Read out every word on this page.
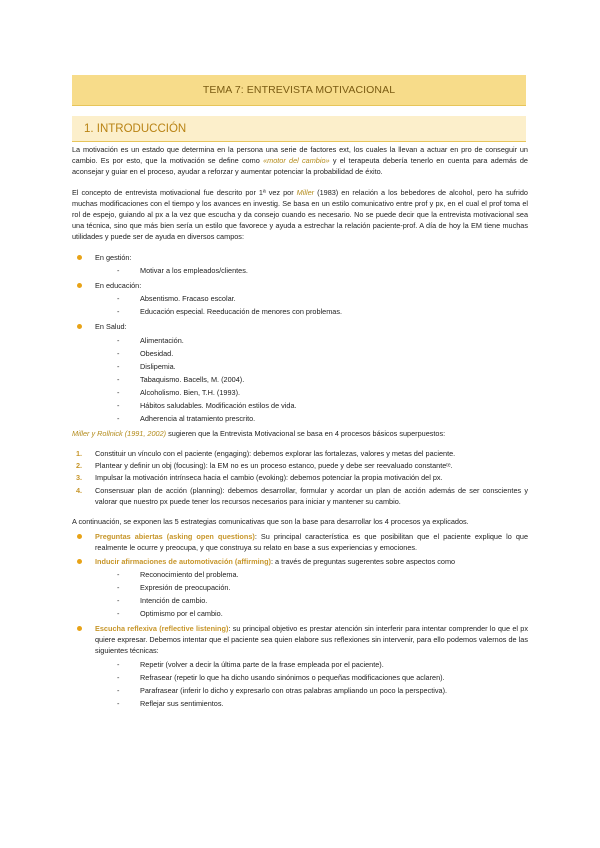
TEMA 7: ENTREVISTA MOTIVACIONAL
1. INTRODUCCIÓN

La motivación es un estado que determina en la persona una serie de factores ext, los cuales la llevan a actuar en pro de conseguir un cambio. Es por esto, que la motivación se define como «motor del cambio» y el terapeuta debería tenerlo en cuenta para además de aconsejar y guiar en el proceso, ayudar a reforzar y aumentar potenciar la probabilidad de éxito.

El concepto de entrevista motivacional fue descrito por 1ª vez por Miller (1983) en relación a los bebedores de alcohol, pero ha sufrido muchas modificaciones con el tiempo y los avances en investig. Se basa en un estilo comunicativo entre prof y px, en el cual el prof toma el rol de espejo, guiando al px a la vez que escucha y da consejo cuando es necesario. No se puede decir que la entrevista motivacional sea una técnica, sino que más bien sería un estilo que favorece y ayuda a estrechar la relación paciente-prof. A día de hoy la EM tiene muchas utilidades y puede ser de ayuda en diversos campos:

En gestión:
- Motivar a los empleados/clientes.
En educación:
- Absentismo. Fracaso escolar.
- Educación especial. Reeducación de menores con problemas.
En Salud:
- Alimentación.
- Obesidad.
- Dislipemia.
- Tabaquismo. Bacells, M. (2004).
- Alcoholismo. Bien, T.H. (1993).
- Hábitos saludables. Modificación estilos de vida.
- Adherencia al tratamiento prescrito.

Miller y Rollnick (1991, 2002) sugieren que la Entrevista Motivacional se basa en 4 procesos básicos superpuestos:

1. Constituir un vínculo con el paciente (engaging): debemos explorar las fortalezas, valores y metas del paciente.
2. Plantear y definir un obj (focusing): la EM no es un proceso estanco, puede y debe ser reevaluado constanteᵗᵉ.
3. Impulsar la motivación intrínseca hacia el cambio (evoking): debemos potenciar la propia motivación del px.
4. Consensuar plan de acción (planning): debemos desarrollar, formular y acordar un plan de acción además de ser conscientes y valorar que nuestro px puede tener los recursos necesarios para iniciar y mantener su cambio.

A continuación, se exponen las 5 estrategias comunicativas que son la base para desarrollar los 4 procesos ya explicados.

Preguntas abiertas (asking open questions): Su principal característica es que posibilitan que el paciente explique lo que realmente le ocurre y preocupa, y que construya su relato en base a sus experiencias y emociones.
Inducir afirmaciones de automotivación (affirming): a través de preguntas sugerentes sobre aspectos como
- Reconocimiento del problema.
- Expresión de preocupación.
- Intención de cambio.
- Optimismo por el cambio.
Escucha reflexiva (reflective listening): su principal objetivo es prestar atención sin interferir para intentar comprender lo que el px quiere expresar. Debemos intentar que el paciente sea quien elabore sus reflexiones sin intervenir, para ello podemos valernos de las siguientes técnicas:
- Repetir (volver a decir la última parte de la frase empleada por el paciente).
- Refrasear (repetir lo que ha dicho usando sinónimos o pequeñas modificaciones que aclaren).
- Parafrasear (inferir lo dicho y expresarlo con otras palabras ampliando un poco la perspectiva).
- Reflejar sus sentimientos.
